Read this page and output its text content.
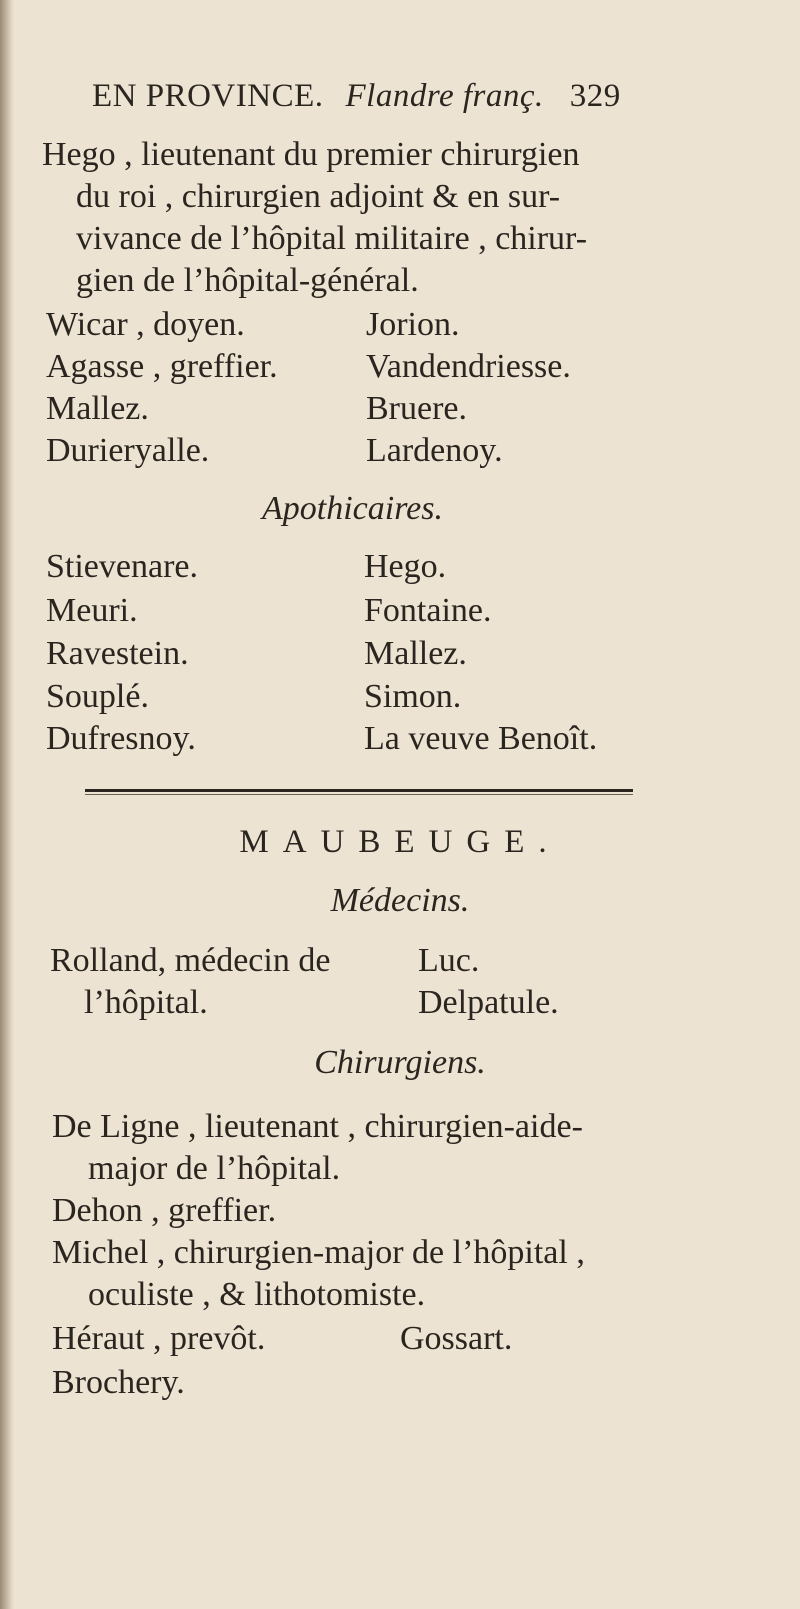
EN PROVINCE. Flandre franç. 329
Hego , lieutenant du premier chirurgien
du roi , chirurgien adjoint & en sur-
vivance de l’hôpital militaire , chirur-
gien de l’hôpital-général.
Wicar , doyen.
Agasse , greffier.
Mallez.
Durieryalle.
Jorion.
Vandendriesse.
Bruere.
Lardenoy.
Apothicaires.
Stievenare.
Meuri.
Ravestein.
Souplé.
Dufresnoy.
Hego.
Fontaine.
Mallez.
Simon.
La veuve Benoît.
MAUBEUGE.
Médecins.
Rolland, médecin de
l’hôpital.
Luc.
Delpatule.
Chirurgiens.
De Ligne , lieutenant , chirurgien-aide-
major de l’hôpital.
Dehon , greffier.
Michel , chirurgien-major de l’hôpital ,
oculiste , & lithotomiste.
Héraut , prevôt.
Brochery.
Gossart.
